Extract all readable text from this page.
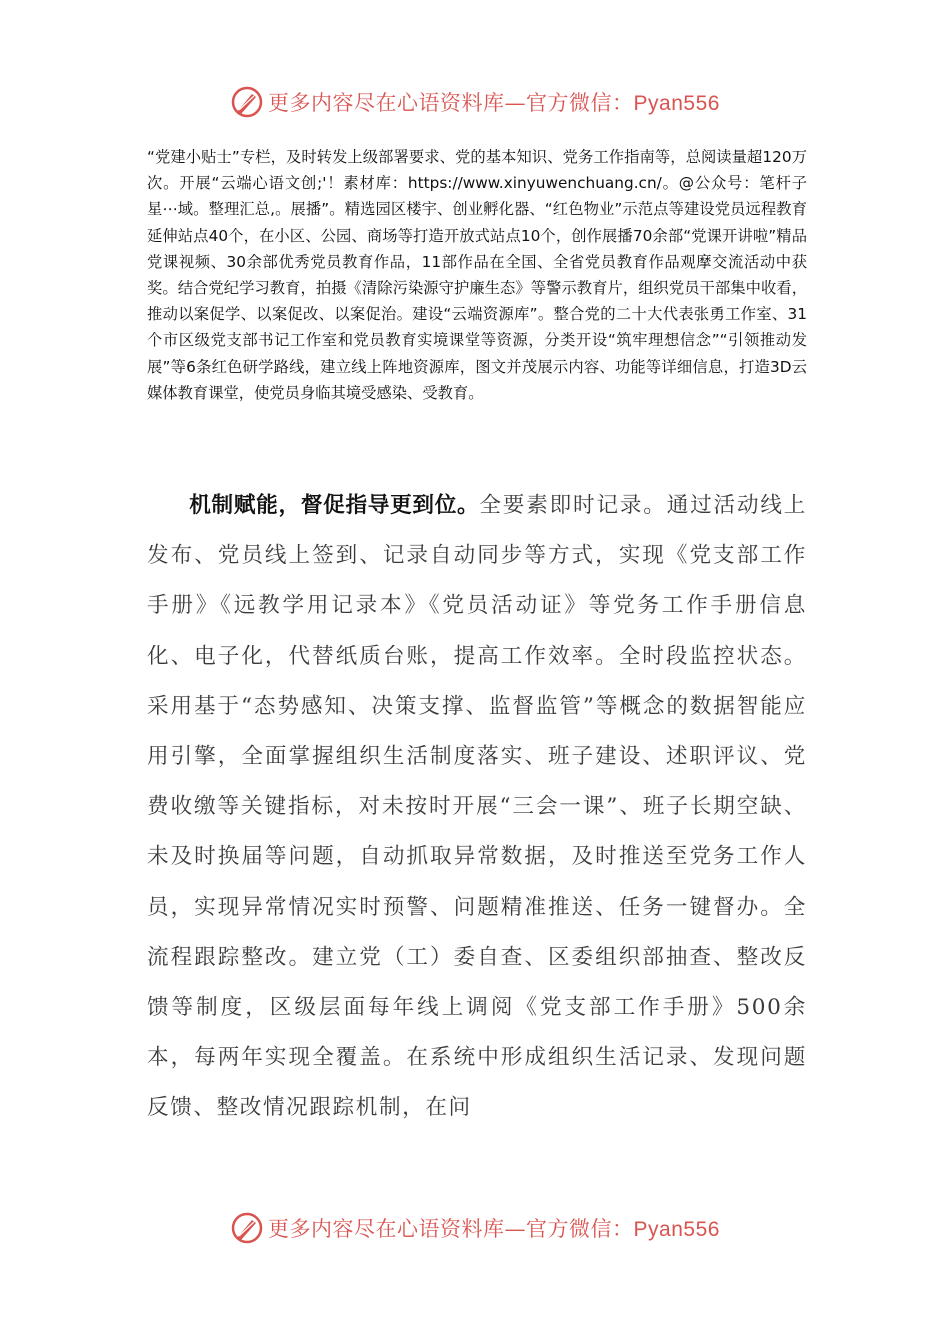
更多内容尽在心语资料库—官方微信：Pyan556

“党建小贴士”专栏，及时转发上级部署要求、党的基本知识、党务工作指南等，总阅读量超120万次。开展“云端心语文创;'！素材库：https://www.xinyuwenchuang.cn/。@公众号：笔杆子星⋯域。整理汇总,。展播”。精选园区楼宇、创业孵化器、“红色物业”示范点等建设党员远程教育延伸站点40个，在小区、公园、商场等打造开放式站点10个，创作展播70余部“党课开讲啦”精品党课视频、30余部优秀党员教育作品，11部作品在全国、全省党员教育作品观摩交流活动中获奖。结合党纪学习教育，拍摄《清除污染源守护廉生态》等警示教育片，组织党员干部集中收看，推动以案促学、以案促改、以案促治。建设“云端资源库”。整合党的二十大代表张勇工作室、31个市区级党支部书记工作室和党员教育实境课堂等资源，分类开设“筑牢理想信念”“引领推动发展”等6条红色研学路线，建立线上阵地资源库，图文并茂展示内容、功能等详细信息，打造3D云媒体教育课堂，使党员身临其境受感染、受教育。

机制赋能，督促指导更到位。全要素即时记录。通过活动线上发布、党员线上签到、记录自动同步等方式，实现《党支部工作手册》《远教学用记录本》《党员活动证》等党务工作手册信息化、电子化，代替纸质台账，提高工作效率。全时段监控状态。采用基于“态势感知、决策支撑、监督监管”等概念的数据智能应用引擎，全面掌握组织生活制度落实、班子建设、述职评议、党费收缴等关键指标，对未按时开展“三会一课”、班子长期空缺、未及时换届等问题，自动抓取异常数据，及时推送至党务工作人员，实现异常情况实时预警、问题精准推送、任务一键督办。全流程跟踪整改。建立党（工）委自查、区委组织部抽查、整改反馈等制度，区级层面每年线上调阅《党支部工作手册》500余本，每两年实现全覆盖。在系统中形成组织生活记录、发现问题反馈、整改情况跟踪机制，在问

更多内容尽在心语资料库—官方微信：Pyan556
